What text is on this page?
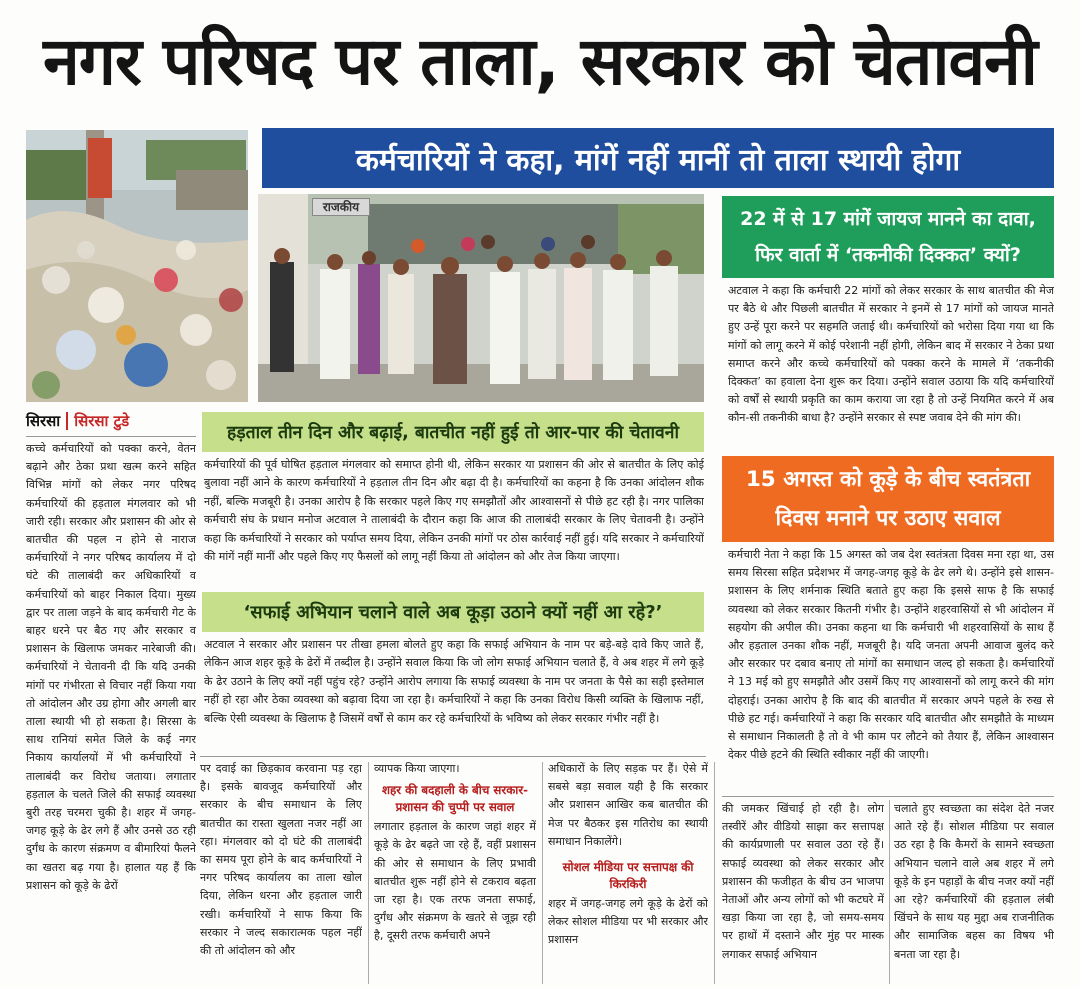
नगर परिषद पर ताला, सरकार को चेतावनी
कर्मचारियों ने कहा, मांगें नहीं मानीं तो ताला स्थायी होगा
राजकीय
22 में से 17 मांगें जायज मानने का दावा,
फिर वार्ता में ‘तकनीकी दिक्कत’ क्यों?
अटवाल ने कहा कि कर्मचारी 22 मांगों को लेकर सरकार के साथ बातचीत की मेज पर बैठे थे और पिछली बातचीत में सरकार ने इनमें से 17 मांगों को जायज मानते हुए उन्हें पूरा करने पर सहमति जताई थी। कर्मचारियों को भरोसा दिया गया था कि मांगों को लागू करने में कोई परेशानी नहीं होगी, लेकिन बाद में सरकार ने ठेका प्रथा समाप्त करने और कच्चे कर्मचारियों को पक्का करने के मामले में ‘तकनीकी दिक्कत’ का हवाला देना शुरू कर दिया। उन्होंने सवाल उठाया कि यदि कर्मचारियों को वर्षों से स्थायी प्रकृति का काम कराया जा रहा है तो उन्हें नियमित करने में अब कौन-सी तकनीकी बाधा है? उन्होंने सरकार से स्पष्ट जवाब देने की मांग की।
15 अगस्त को कूड़े के बीच स्वतंत्रता
दिवस मनाने पर उठाए सवाल
कर्मचारी नेता ने कहा कि 15 अगस्त को जब देश स्वतंत्रता दिवस मना रहा था, उस समय सिरसा सहित प्रदेशभर में जगह-जगह कूड़े के ढेर लगे थे। उन्होंने इसे शासन-प्रशासन के लिए शर्मनाक स्थिति बताते हुए कहा कि इससे साफ है कि सफाई व्यवस्था को लेकर सरकार कितनी गंभीर है। उन्होंने शहरवासियों से भी आंदोलन में सहयोग की अपील की। उनका कहना था कि कर्मचारी भी शहरवासियों के साथ हैं और हड़ताल उनका शौक नहीं, मजबूरी है। यदि जनता अपनी आवाज बुलंद करे और सरकार पर दबाव बनाए तो मांगों का समाधान जल्द हो सकता है। कर्मचारियों ने 13 मई को हुए समझौते और उसमें किए गए आश्वासनों को लागू करने की मांग दोहराई। उनका आरोप है कि बाद की बातचीत में सरकार अपने पहले के रुख से पीछे हट गई। कर्मचारियों ने कहा कि सरकार यदि बातचीत और समझौते के माध्यम से समाधान निकालती है तो वे भी काम पर लौटने को तैयार हैं, लेकिन आश्वासन देकर पीछे हटने की स्थिति स्वीकार नहीं की जाएगी।
सिरसा सिरसा टुडे
कच्चे कर्मचारियों को पक्का करने, वेतन बढ़ाने और ठेका प्रथा खत्म करने सहित विभिन्न मांगों को लेकर नगर परिषद कर्मचारियों की हड़ताल मंगलवार को भी जारी रही। सरकार और प्रशासन की ओर से बातचीत की पहल न होने से नाराज कर्मचारियों ने नगर परिषद कार्यालय में दो घंटे की तालाबंदी कर अधिकारियों व कर्मचारियों को बाहर निकाल दिया। मुख्य द्वार पर ताला जड़ने के बाद कर्मचारी गेट के बाहर धरने पर बैठ गए और सरकार व प्रशासन के खिलाफ जमकर नारेबाजी की। कर्मचारियों ने चेतावनी दी कि यदि उनकी मांगों पर गंभीरता से विचार नहीं किया गया तो आंदोलन और उग्र होगा और अगली बार ताला स्थायी भी हो सकता है। सिरसा के साथ रानियां समेत जिले के कई नगर निकाय कार्यालयों में भी कर्मचारियों ने तालाबंदी कर विरोध जताया। लगातार हड़ताल के चलते जिले की सफाई व्यवस्था बुरी तरह चरमरा चुकी है। शहर में जगह-जगह कूड़े के ढेर लगे हैं और उनसे उठ रही दुर्गंध के कारण संक्रमण व बीमारियां फैलने का खतरा बढ़ गया है। हालात यह हैं कि प्रशासन को कूड़े के ढेरों
हड़ताल तीन दिन और बढ़ाई, बातचीत नहीं हुई तो आर-पार की चेतावनी
कर्मचारियों की पूर्व घोषित हड़ताल मंगलवार को समाप्त होनी थी, लेकिन सरकार या प्रशासन की ओर से बातचीत के लिए कोई बुलावा नहीं आने के कारण कर्मचारियों ने हड़ताल तीन दिन और बढ़ा दी है। कर्मचारियों का कहना है कि उनका आंदोलन शौक नहीं, बल्कि मजबूरी है। उनका आरोप है कि सरकार पहले किए गए समझौतों और आश्वासनों से पीछे हट रही है। नगर पालिका कर्मचारी संघ के प्रधान मनोज अटवाल ने तालाबंदी के दौरान कहा कि आज की तालाबंदी सरकार के लिए चेतावनी है। उन्होंने कहा कि कर्मचारियों ने सरकार को पर्याप्त समय दिया, लेकिन उनकी मांगों पर ठोस कार्रवाई नहीं हुई। यदि सरकार ने कर्मचारियों की मांगें नहीं मानीं और पहले किए गए फैसलों को लागू नहीं किया तो आंदोलन को और तेज किया जाएगा।
‘सफाई अभियान चलाने वाले अब कूड़ा उठाने क्यों नहीं आ रहे?’
अटवाल ने सरकार और प्रशासन पर तीखा हमला बोलते हुए कहा कि सफाई अभियान के नाम पर बड़े-बड़े दावे किए जाते हैं, लेकिन आज शहर कूड़े के ढेरों में तब्दील है। उन्होंने सवाल किया कि जो लोग सफाई अभियान चलाते हैं, वे अब शहर में लगे कूड़े के ढेर उठाने के लिए क्यों नहीं पहुंच रहे? उन्होंने आरोप लगाया कि सफाई व्यवस्था के नाम पर जनता के पैसे का सही इस्तेमाल नहीं हो रहा और ठेका व्यवस्था को बढ़ावा दिया जा रहा है। कर्मचारियों ने कहा कि उनका विरोध किसी व्यक्ति के खिलाफ नहीं, बल्कि ऐसी व्यवस्था के खिलाफ है जिसमें वर्षों से काम कर रहे कर्मचारियों के भविष्य को लेकर सरकार गंभीर नहीं है।
पर दवाई का छिड़काव करवाना पड़ रहा है। इसके बावजूद कर्मचारियों और सरकार के बीच समाधान के लिए बातचीत का रास्ता खुलता नजर नहीं आ रहा। मंगलवार को दो घंटे की तालाबंदी का समय पूरा होने के बाद कर्मचारियों ने नगर परिषद कार्यालय का ताला खोल दिया, लेकिन धरना और हड़ताल जारी रखी। कर्मचारियों ने साफ किया कि सरकार ने जल्द सकारात्मक पहल नहीं की तो आंदोलन को और
व्यापक किया जाएगा।
शहर की बदहाली के बीच सरकार-प्रशासन की चुप्पी पर सवाल
लगातार हड़ताल के कारण जहां शहर में कूड़े के ढेर बढ़ते जा रहे हैं, वहीं प्रशासन की ओर से समाधान के लिए प्रभावी बातचीत शुरू नहीं होने से टकराव बढ़ता जा रहा है। एक तरफ जनता सफाई, दुर्गंध और संक्रमण के खतरे से जूझ रही है, दूसरी तरफ कर्मचारी अपने
अधिकारों के लिए सड़क पर हैं। ऐसे में सबसे बड़ा सवाल यही है कि सरकार और प्रशासन आखिर कब बातचीत की मेज पर बैठकर इस गतिरोध का स्थायी समाधान निकालेंगे।
सोशल मीडिया पर सत्तापक्ष की किरकिरी
शहर में जगह-जगह लगे कूड़े के ढेरों को लेकर सोशल मीडिया पर भी सरकार और प्रशासन
की जमकर खिंचाई हो रही है। लोग तस्वीरें और वीडियो साझा कर सत्तापक्ष की कार्यप्रणाली पर सवाल उठा रहे हैं। सफाई व्यवस्था को लेकर सरकार और प्रशासन की फजीहत के बीच उन भाजपा नेताओं और अन्य लोगों को भी कटघरे में खड़ा किया जा रहा है, जो समय-समय पर हाथों में दस्ताने और मुंह पर मास्क लगाकर सफाई अभियान
चलाते हुए स्वच्छता का संदेश देते नजर आते रहे हैं। सोशल मीडिया पर सवाल उठ रहा है कि कैमरों के सामने स्वच्छता अभियान चलाने वाले अब शहर में लगे कूड़े के इन पहाड़ों के बीच नजर क्यों नहीं आ रहे? कर्मचारियों की हड़ताल लंबी खिंचने के साथ यह मुद्दा अब राजनीतिक और सामाजिक बहस का विषय भी बनता जा रहा है।
